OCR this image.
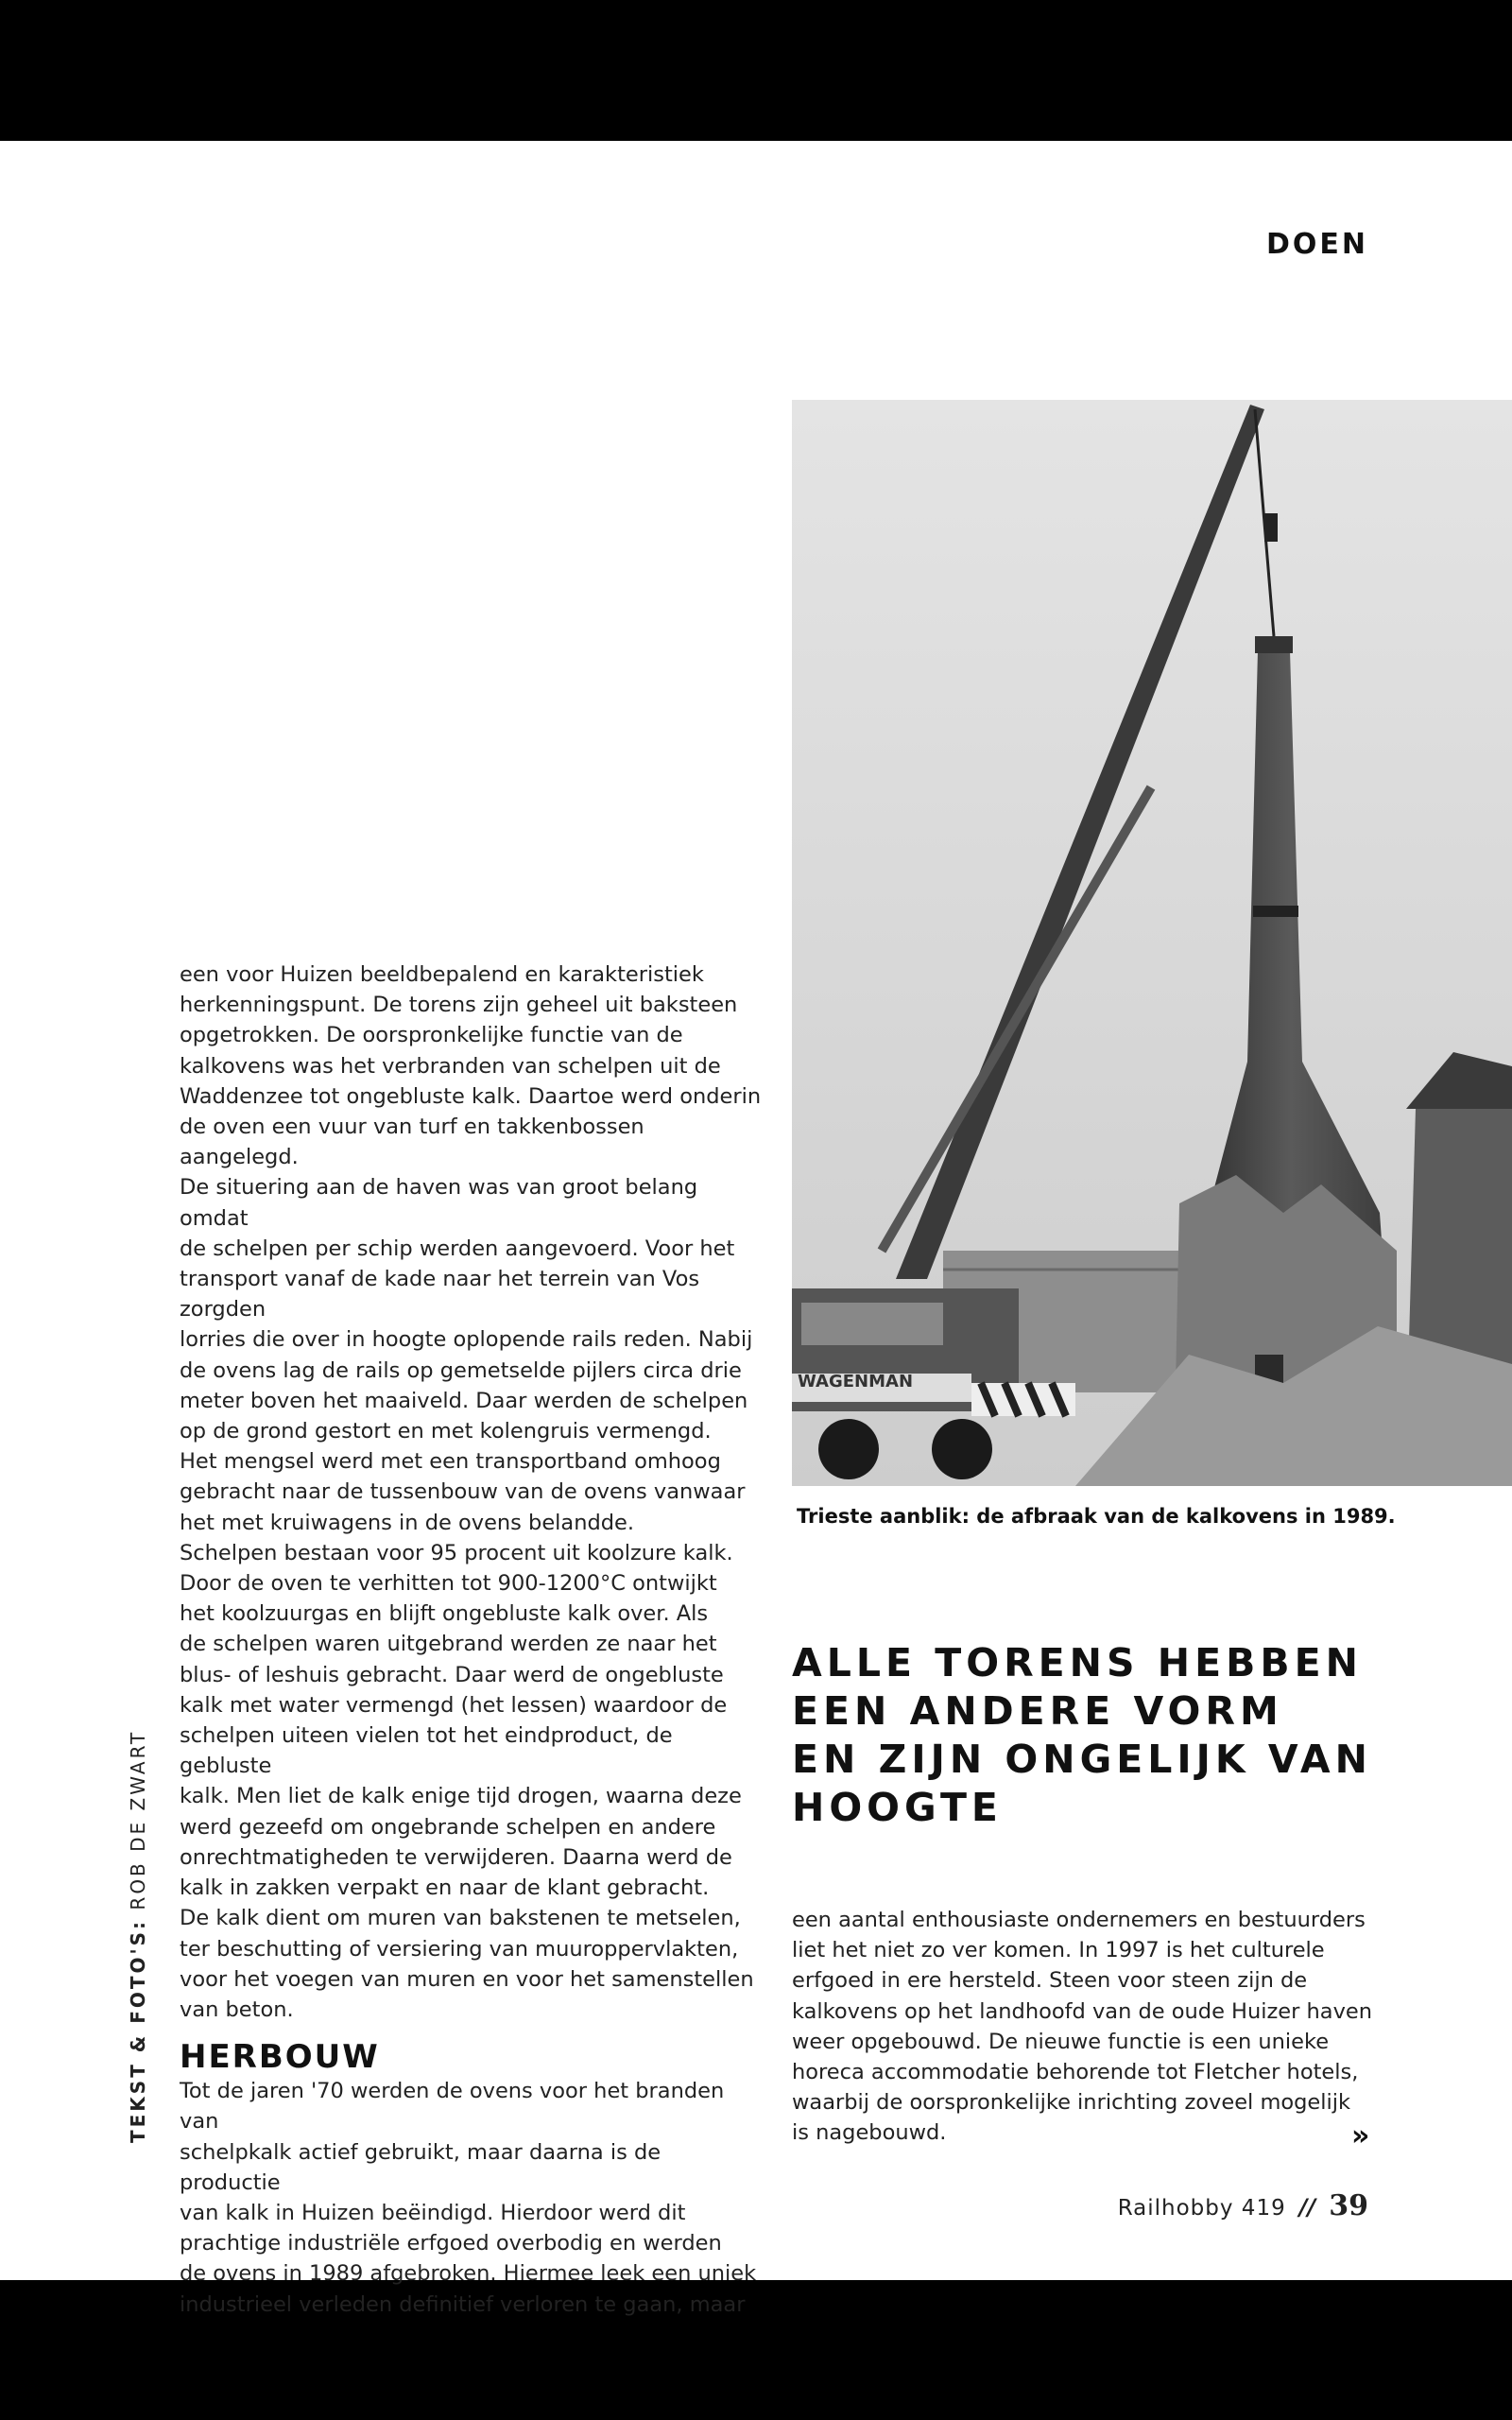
DOEN
TEKST & FOTO'S: ROB DE ZWART

een voor Huizen beeldbepalend en karakteristiek
herkenningspunt. De torens zijn geheel uit baksteen
opgetrokken. De oorspronkelijke functie van de
kalkovens was het verbranden van schelpen uit de
Waddenzee tot ongebluste kalk. Daartoe werd onderin
de oven een vuur van turf en takkenbossen aangelegd.
De situering aan de haven was van groot belang omdat
de schelpen per schip werden aangevoerd. Voor het
transport vanaf de kade naar het terrein van Vos zorgden
lorries die over in hoogte oplopende rails reden. Nabij
de ovens lag de rails op gemetselde pijlers circa drie
meter boven het maaiveld. Daar werden de schelpen
op de grond gestort en met kolengruis vermengd.
Het mengsel werd met een transportband omhoog
gebracht naar de tussenbouw van de ovens vanwaar
het met kruiwagens in de ovens belandde.
Schelpen bestaan voor 95 procent uit koolzure kalk.
Door de oven te verhitten tot 900-1200°C ontwijkt
het koolzuurgas en blijft ongebluste kalk over. Als
de schelpen waren uitgebrand werden ze naar het
blus- of leshuis gebracht. Daar werd de ongebluste
kalk met water vermengd (het lessen) waardoor de
schelpen uiteen vielen tot het eindproduct, de gebluste
kalk. Men liet de kalk enige tijd drogen, waarna deze
werd gezeefd om ongebrande schelpen en andere
onrechtmatigheden te verwijderen. Daarna werd de
kalk in zakken verpakt en naar de klant gebracht.
De kalk dient om muren van bakstenen te metselen,
ter beschutting of versiering van muuroppervlakten,
voor het voegen van muren en voor het samenstellen
van beton.

HERBOUW

Tot de jaren '70 werden de ovens voor het branden van
schelpkalk actief gebruikt, maar daarna is de productie
van kalk in Huizen beëindigd. Hierdoor werd dit
prachtige industriële erfgoed overbodig en werden
de ovens in 1989 afgebroken. Hiermee leek een uniek
industrieel verleden definitief verloren te gaan, maar

WAGENMAN
Trieste aanblik: de afbraak van de kalkovens in 1989.
ALLE TORENS HEBBEN
EEN ANDERE VORM
EN ZIJN ONGELIJK VAN
HOOGTE

een aantal enthousiaste ondernemers en bestuurders
liet het niet zo ver komen. In 1997 is het culturele
erfgoed in ere hersteld. Steen voor steen zijn de
kalkovens op het landhoofd van de oude Huizer haven
weer opgebouwd. De nieuwe functie is een unieke
horeca accommodatie behorende tot Fletcher hotels,
waarbij de oorspronkelijke inrichting zoveel mogelijk
is nagebouwd.	»
Railhobby 419 // 39
